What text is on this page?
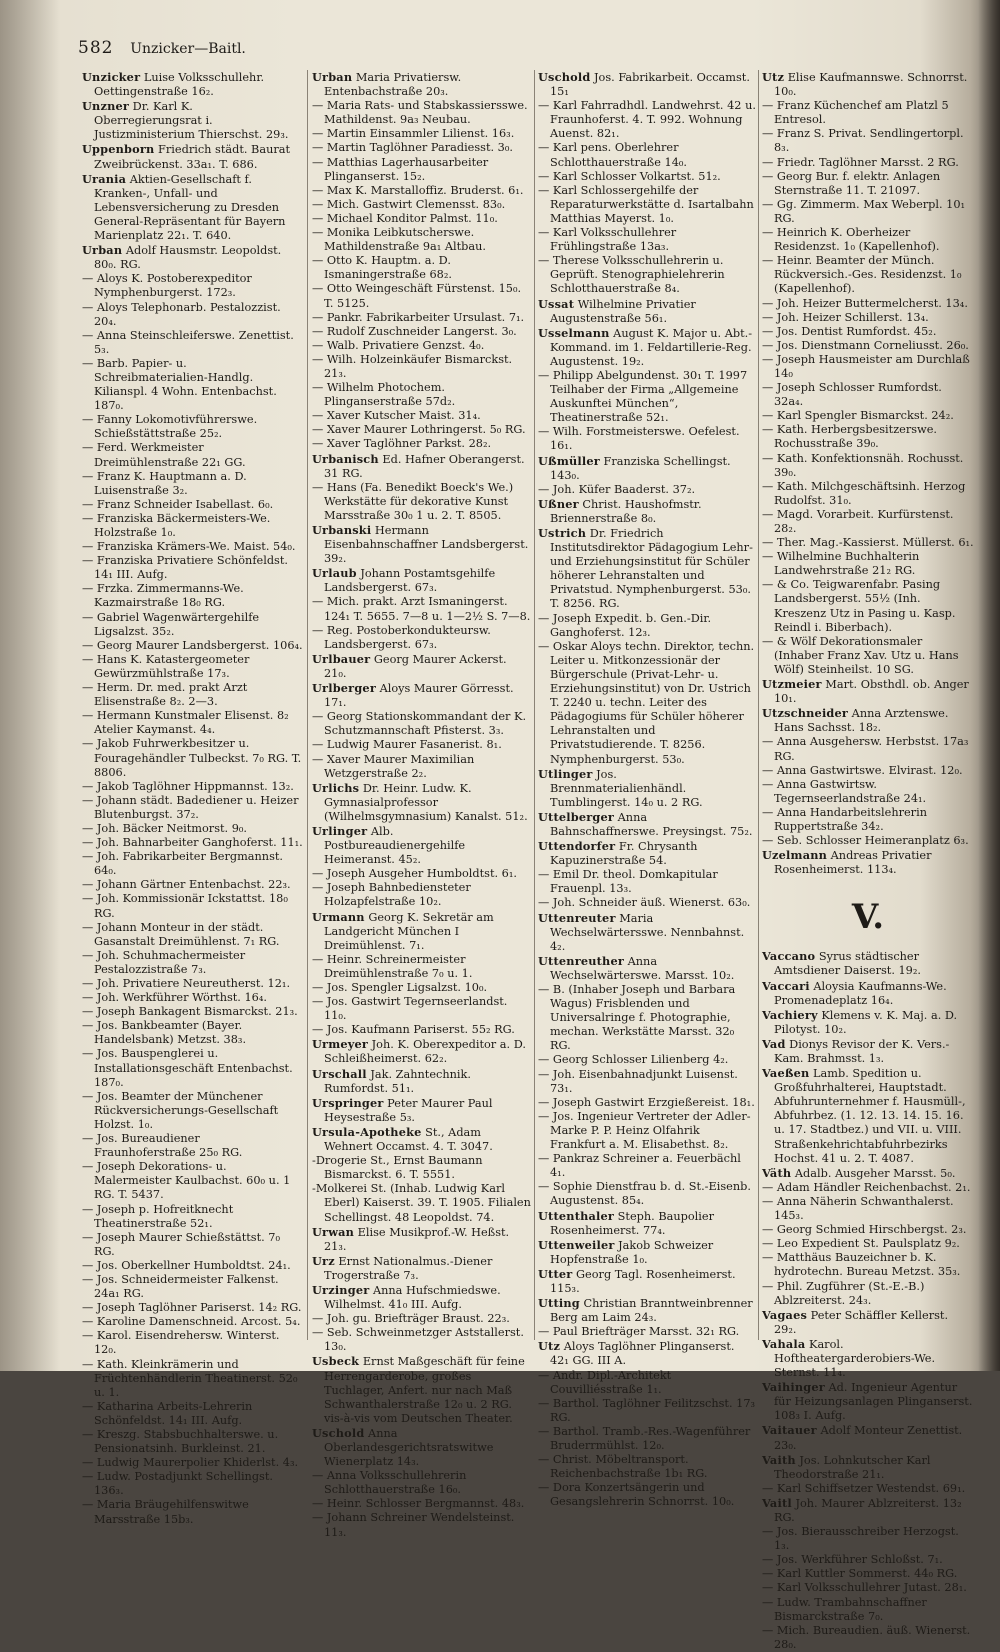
582 Unzicker—Baitl.

Unzicker Luise Volksschullehr. Oettingenstraße 16₂.

Unzner Dr. Karl K. Oberregierungsrat i. Justizministerium Thierschst. 29₃.

Uppenborn Friedrich städt. Baurat Zweibrückenst. 33a₁. T. 686.

Urania Aktien-Gesellschaft f. Kranken-, Unfall- und Lebensversicherung zu Dresden General-Repräsentant für Bayern Marienplatz 22₁. T. 640.

Urban Adolf Hausmstr. Leopoldst. 80₀. RG.

— Aloys K. Postoberexpeditor Nymphenburgerst. 172₃.

— Aloys Telephonarb. Pestalozzist. 20₄.

— Anna Steinschleiferswe. Zenettist. 5₃.

— Barb. Papier- u. Schreibmaterialien-Handlg. Kilianspl. 4 Wohn. Entenbachst. 187₀.

— Fanny Lokomotivführerswe. Schießstättstraße 25₂.

— Ferd. Werkmeister Dreimühlenstraße 22₁ GG.

— Franz K. Hauptmann a. D. Luisenstraße 3₂.

— Franz Schneider Isabellast. 6₀.

— Franziska Bäckermeisters-We. Holzstraße 1₀.

— Franziska Krämers-We. Maist. 54₀.

— Franziska Privatiere Schönfeldst. 14₁ III. Aufg.

— Frzka. Zimmermanns-We. Kazmairstraße 18₀ RG.

— Gabriel Wagenwärtergehilfe Ligsalzst. 35₂.

— Georg Maurer Landsbergerst. 106₄.

— Hans K. Katastergeometer Gewürzmühlstraße 17₃.

— Herm. Dr. med. prakt Arzt Elisenstraße 8₂. 2—3.

— Hermann Kunstmaler Elisenst. 8₂ Atelier Kaymanst. 4₄.

— Jakob Fuhrwerkbesitzer u. Fouragehändler Tulbeckst. 7₀ RG. T. 8806.

— Jakob Taglöhner Hippmannst. 13₂.

— Johann städt. Badediener u. Heizer Blutenburgst. 37₂.

— Joh. Bäcker Neitmorst. 9₀.

— Joh. Bahnarbeiter Ganghoferst. 11₁.

— Joh. Fabrikarbeiter Bergmannst. 64₀.

— Johann Gärtner Entenbachst. 22₃.

— Joh. Kommissionär Ickstattst. 18₀ RG.

— Johann Monteur in der städt. Gasanstalt Dreimühlenst. 7₁ RG.

— Joh. Schuhmachermeister Pestalozzistraße 7₃.

— Joh. Privatiere Neureutherst. 12₁.

— Joh. Werkführer Wörthst. 16₄.

— Joseph Bankagent Bismarckst. 21₃.

— Jos. Bankbeamter (Bayer. Handelsbank) Metzst. 38₃.

— Jos. Bauspenglerei u. Installationsgeschäft Entenbachst. 187₀.

— Jos. Beamter der Münchener Rückversicherungs-Gesellschaft Holzst. 1₀.

— Jos. Bureaudiener Fraunhoferstraße 25₀ RG.

— Joseph Dekorations- u. Malermeister Kaulbachst. 60₀ u. 1 RG. T. 5437.

— Joseph p. Hofreitknecht Theatinerstraße 52₁.

— Joseph Maurer Schießstättst. 7₀ RG.

— Jos. Oberkellner Humboldtst. 24₁.

— Jos. Schneidermeister Falkenst. 24a₁ RG.

— Joseph Taglöhner Pariserst. 14₂ RG.

— Karoline Damenschneid. Arcost. 5₄.

— Karol. Eisendrehersw. Winterst. 12₀.

— Kath. Kleinkrämerin und Früchtenhändlerin Theatinerst. 52₀ u. 1.

— Katharina Arbeits-Lehrerin Schönfeldst. 14₁ III. Aufg.

— Kreszg. Stabsbuchhalterswe. u. Pensionatsinh. Burkleinst. 21.

— Ludwig Maurerpolier Khiderlst. 4₃.

— Ludw. Postadjunkt Schellingst. 136₃.

— Maria Bräugehilfenswitwe Marsstraße 15b₃.

Urban Maria Privatiersw. Entenbachstraße 20₃.

— Maria Rats- und Stabskassiersswe. Mathildenst. 9a₃ Neubau.

— Martin Einsammler Lilienst. 16₃.

— Martin Taglöhner Paradiesst. 3₀.

— Matthias Lagerhausarbeiter Plinganserst. 15₂.

— Max K. Marstalloffiz. Bruderst. 6₁.

— Mich. Gastwirt Clemensst. 83₀.

— Michael Konditor Palmst. 11₀.

— Monika Leibkutscherswe. Mathildenstraße 9a₁ Altbau.

— Otto K. Hauptm. a. D. Ismaningerstraße 68₂.

— Otto Weingeschäft Fürstenst. 15₀. T. 5125.

— Pankr. Fabrikarbeiter Ursulast. 7₁.

— Rudolf Zuschneider Langerst. 3₀.

— Walb. Privatiere Genzst. 4₀.

— Wilh. Holzeinkäufer Bismarckst. 21₃.

— Wilhelm Photochem. Plinganserstraße 57d₂.

— Xaver Kutscher Maist. 31₄.

— Xaver Maurer Lothringerst. 5₀ RG.

— Xaver Taglöhner Parkst. 28₂.

Urbanisch Ed. Hafner Oberangerst. 31 RG.

— Hans (Fa. Benedikt Boeck's We.) Werkstätte für dekorative Kunst Marsstraße 30₀ 1 u. 2. T. 8505.

Urbanski Hermann Eisenbahnschaffner Landsbergerst. 39₂.

Urlaub Johann Postamtsgehilfe Landsbergerst. 67₃.

— Mich. prakt. Arzt Ismaningerst. 124₁ T. 5655. 7—8 u. 1—2½ S. 7—8.

— Reg. Postoberkondukteursw. Landsbergerst. 67₃.

Urlbauer Georg Maurer Ackerst. 21₀.

Urlberger Aloys Maurer Görresst. 17₁.

— Georg Stationskommandant der K. Schutzmannschaft Pfisterst. 3₃.

— Ludwig Maurer Fasanerist. 8₁.

— Xaver Maurer Maximilian Wetzgerstraße 2₂.

Urlichs Dr. Heinr. Ludw. K. Gymnasialprofessor (Wilhelmsgymnasium) Kanalst. 51₂.

Urlinger Alb. Postbureaudienergehilfe Heimeranst. 45₂.

— Joseph Ausgeher Humboldtst. 6₁.

— Joseph Bahnbediensteter Holzapfelstraße 10₂.

Urmann Georg K. Sekretär am Landgericht München I Dreimühlenst. 7₁.

— Heinr. Schreinermeister Dreimühlenstraße 7₀ u. 1.

— Jos. Spengler Ligsalzst. 10₀.

— Jos. Gastwirt Tegernseerlandst. 11₀.

— Jos. Kaufmann Pariserst. 55₂ RG.

Urmeyer Joh. K. Oberexpeditor a. D. Schleißheimerst. 62₂.

Urschall Jak. Zahntechnik. Rumfordst. 51₁.

Urspringer Peter Maurer Paul Heysestraße 5₃.

Ursula-Apotheke St., Adam Wehnert Occamst. 4. T. 3047.

-Drogerie St., Ernst Baumann Bismarckst. 6. T. 5551.

-Molkerei St. (Inhab. Ludwig Karl Eberl) Kaiserst. 39. T. 1905. Filialen Schellingst. 48 Leopoldst. 74.

Urwan Elise Musikprof.-W. Heßst. 21₃.

Urz Ernst Nationalmus.-Diener Trogerstraße 7₃.

Urzinger Anna Hufschmiedswe. Wilhelmst. 41₀ III. Aufg.

— Joh. gu. Briefträger Braust. 22₃.

— Seb. Schweinmetzger Aststallerst. 13₀.

Usbeck Ernst Maßgeschäft für feine Herrengarderobe, großes Tuchlager, Anfert. nur nach Maß Schwanthalerstraße 12₀ u. 2 RG. vis-à-vis vom Deutschen Theater.

Uschold Anna Oberlandesgerichtsratswitwe Wienerplatz 14₃.

— Anna Volksschullehrerin Schlotthauerstraße 16₀.

— Heinr. Schlosser Bergmannst. 48₃.

— Johann Schreiner Wendelsteinst. 11₃.

Uschold Jos. Fabrikarbeit. Occamst. 15₁

— Karl Fahrradhdl. Landwehrst. 42 u. Fraunhoferst. 4. T. 992. Wohnung Auenst. 82₁.

— Karl pens. Oberlehrer Schlotthauerstraße 14₀.

— Karl Schlosser Volkartst. 51₂.

— Karl Schlossergehilfe der Reparaturwerkstätte d. Isartalbahn Matthias Mayerst. 1₀.

— Karl Volksschullehrer Frühlingstraße 13a₃.

— Therese Volksschullehrerin u. Geprüft. Stenographielehrerin Schlotthauerstraße 8₄.

Ussat Wilhelmine Privatier Augustenstraße 56₁.

Usselmann August K. Major u. Abt.-Kommand. im 1. Feldartillerie-Reg. Augustenst. 19₂.

— Philipp Abelgundenst. 30₁ T. 1997 Teilhaber der Firma „Allgemeine Auskunftei München“, Theatinerstraße 52₁.

— Wilh. Forstmeisterswe. Oefelest. 16₁.

Ußmüller Franziska Schellingst. 143₀.

— Joh. Küfer Baaderst. 37₂.

Ußner Christ. Haushofmstr. Briennerstraße 8₀.

Ustrich Dr. Friedrich Institutsdirektor Pädagogium Lehr- und Erziehungsinstitut für Schüler höherer Lehranstalten und Privatstud. Nymphenburgerst. 53₀. T. 8256. RG.

— Joseph Expedit. b. Gen.-Dir. Ganghoferst. 12₃.

— Oskar Aloys techn. Direktor, techn. Leiter u. Mitkonzessionär der Bürgerschule (Privat-Lehr- u. Erziehungsinstitut) von Dr. Ustrich T. 2240 u. techn. Leiter des Pädagogiums für Schüler höherer Lehranstalten und Privatstudierende. T. 8256. Nymphenburgerst. 53₀.

Utlinger Jos. Brennmaterialienhändl. Tumblingerst. 14₀ u. 2 RG.

Uttelberger Anna Bahnschaffnerswe. Preysingst. 75₂.

Uttendorfer Fr. Chrysanth Kapuzinerstraße 54.

— Emil Dr. theol. Domkapitular Frauenpl. 13₃.

— Joh. Schneider äuß. Wienerst. 63₀.

Uttenreuter Maria Wechselwärtersswe. Nennbahnst. 4₂.

Uttenreuther Anna Wechselwärterswe. Marsst. 10₂.

— B. (Inhaber Joseph und Barbara Wagus) Frisblenden und Universalringe f. Photographie, mechan. Werkstätte Marsst. 32₀ RG.

— Georg Schlosser Lilienberg 4₂.

— Joh. Eisenbahnadjunkt Luisenst. 73₁.

— Joseph Gastwirt Erzgießereist. 18₁.

— Jos. Ingenieur Vertreter der Adler-Marke P. P. Heinz Olfahrik Frankfurt a. M. Elisabethst. 8₂.

— Pankraz Schreiner a. Feuerbächl 4₁.

— Sophie Dienstfrau b. d. St.-Eisenb. Augustenst. 85₄.

Uttenthaler Steph. Baupolier Rosenheimerst. 77₄.

Uttenweiler Jakob Schweizer Hopfenstraße 1₀.

Utter Georg Tagl. Rosenheimerst. 115₃.

Utting Christian Branntweinbrenner Berg am Laim 24₃.

— Paul Briefträger Marsst. 32₁ RG.

Utz Aloys Taglöhner Plinganserst. 42₁ GG. III A.

— Andr. Dipl.-Architekt Couvilliésstraße 1₁.

— Barthol. Taglöhner Feilitzschst. 17₃ RG.

— Barthol. Tramb.-Res.-Wagenführer Bruderrmühlst. 12₀.

— Christ. Möbeltransport. Reichenbachstraße 1b₁ RG.

— Dora Konzertsängerin und Gesangslehrerin Schnorrst. 10₀.

Utz Elise Kaufmannswe. Schnorrst. 10₀.

— Franz Küchenchef am Platzl 5 Entresol.

— Franz S. Privat. Sendlingertorpl. 8₃.

— Friedr. Taglöhner Marsst. 2 RG.

— Georg Bur. f. elektr. Anlagen Sternstraße 11. T. 21097.

— Gg. Zimmerm. Max Weberpl. 10₁ RG.

— Heinrich K. Oberheizer Residenzst. 1₀ (Kapellenhof).

— Heinr. Beamter der Münch. Rückversich.-Ges. Residenzst. 1₀ (Kapellenhof).

— Joh. Heizer Buttermelcherst. 13₄.

— Joh. Heizer Schillerst. 13₄.

— Jos. Dentist Rumfordst. 45₂.

— Jos. Dienstmann Corneliusst. 26₀.

— Joseph Hausmeister am Durchlaß 14₀

— Joseph Schlosser Rumfordst. 32a₄.

— Karl Spengler Bismarckst. 24₂.

— Kath. Herbergsbesitzerswe. Rochusstraße 39₀.

— Kath. Konfektionsnäh. Rochusst. 39₀.

— Kath. Milchgeschäftsinh. Herzog Rudolfst. 31₀.

— Magd. Vorarbeit. Kurfürstenst. 28₂.

— Ther. Mag.-Kassierst. Müllerst. 6₁.

— Wilhelmine Buchhalterin Landwehrstraße 21₂ RG.

— & Co. Teigwarenfabr. Pasing Landsbergerst. 55½ (Inh. Kreszenz Utz in Pasing u. Kasp. Reindl i. Biberbach).

— & Wölf Dekorationsmaler (Inhaber Franz Xav. Utz u. Hans Wölf) Steinheilst. 10 SG.

Utzmeier Mart. Obsthdl. ob. Anger 10₁.

Utzschneider Anna Arztenswe. Hans Sachsst. 18₂.

— Anna Ausgehersw. Herbstst. 17a₃ RG.

— Anna Gastwirtswe. Elvirast. 12₀.

— Anna Gastwirtsw. Tegernseerlandstraße 24₁.

— Anna Handarbeitslehrerin Ruppertstraße 34₂.

— Seb. Schlosser Heimeranplatz 6₃.

Uzelmann Andreas Privatier Rosenheimerst. 113₄.

V.

Vaccano Syrus städtischer Amtsdiener Daiserst. 19₂.

Vaccari Aloysia Kaufmanns-We. Promenadeplatz 16₄.

Vachiery Klemens v. K. Maj. a. D. Pilotyst. 10₂.

Vad Dionys Revisor der K. Vers.-Kam. Brahmsst. 1₃.

Vaeßen Lamb. Spedition u. Großfuhrhalterei, Hauptstadt. Abfuhrunternehmer f. Hausmüll-, Abfuhrbez. (1. 12. 13. 14. 15. 16. u. 17. Stadtbez.) und VII. u. VIII. Straßenkehrichtabfuhrbezirks Hochst. 41 u. 2. T. 4087.

Väth Adalb. Ausgeher Marsst. 5₀.

— Adam Händler Reichenbachst. 2₁.

— Anna Näherin Schwanthalerst. 145₃.

— Georg Schmied Hirschbergst. 2₃.

— Leo Expedient St. Paulsplatz 9₂.

— Matthäus Bauzeichner b. K. hydrotechn. Bureau Metzst. 35₃.

— Phil. Zugführer (St.-E.-B.) Ablzreiterst. 24₃.

Vagaes Peter Schäffler Kellerst. 29₂.

Vahala Karol. Hoftheatergarderobiers-We. Sternst. 11₄.

Vaihinger Ad. Ingenieur Agentur für Heizungsanlagen Plinganserst. 108₃ I. Aufg.

Vaitauer Adolf Monteur Zenettist. 23₀.

Vaith Jos. Lohnkutscher Karl Theodorstraße 21₁.

— Karl Schiffsetzer Westendst. 69₁.

Vaitl Joh. Maurer Ablzreiterst. 13₂ RG.

— Jos. Bierausschreiber Herzogst. 1₃.

— Jos. Werkführer Schloßst. 7₁.

— Karl Kuttler Sommerst. 44₀ RG.

— Karl Volksschullehrer Jutast. 28₁.

— Ludw. Trambahnschaffner Bismarckstraße 7₀.

— Mich. Bureaudien. äuß. Wienerst. 28₀.
